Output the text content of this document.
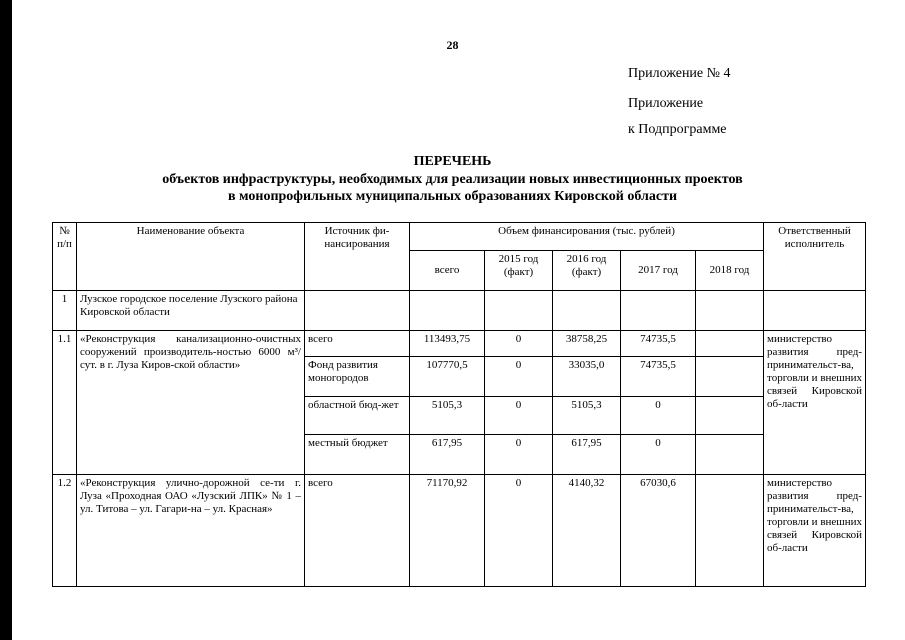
28
Приложение № 4
Приложение
к Подпрограмме
ПЕРЕЧЕНЬ
объектов инфраструктуры, необходимых для реализации новых инвестиционных проектов
в монопрофильных муниципальных образованиях Кировской области
№ п/п	Наименование объекта	Источник фи-нансирования	Объем финансирования (тыс. рублей)					Ответственный исполнитель
			всего	2015 год (факт)	2016 год (факт)	2017 год	2018 год	
1	Лузское городское поселение Лузского района Кировской области							
1.1	«Реконструкция канализационно-очистных сооружений производитель-ностью 6000 м³/сут. в г. Луза Киров-ской области»	всего	113493,75	0	38758,25	74735,5		министерство развития пред-принимательст-ва, торговли и внешних связей Кировской об-ласти
		Фонд развития моногородов	107770,5	0	33035,0	74735,5		
		областной бюд-жет	5105,3	0	5105,3	0		
		местный бюджет	617,95	0	617,95	0		
1.2	«Реконструкция улично-дорожной се-ти г. Луза «Проходная ОАО «Лузский ЛПК» № 1 – ул. Титова – ул. Гагари-на – ул. Красная»	всего	71170,92	0	4140,32	67030,6		министерство развития пред-принимательст-ва, торговли и внешних связей Кировской об-ласти
